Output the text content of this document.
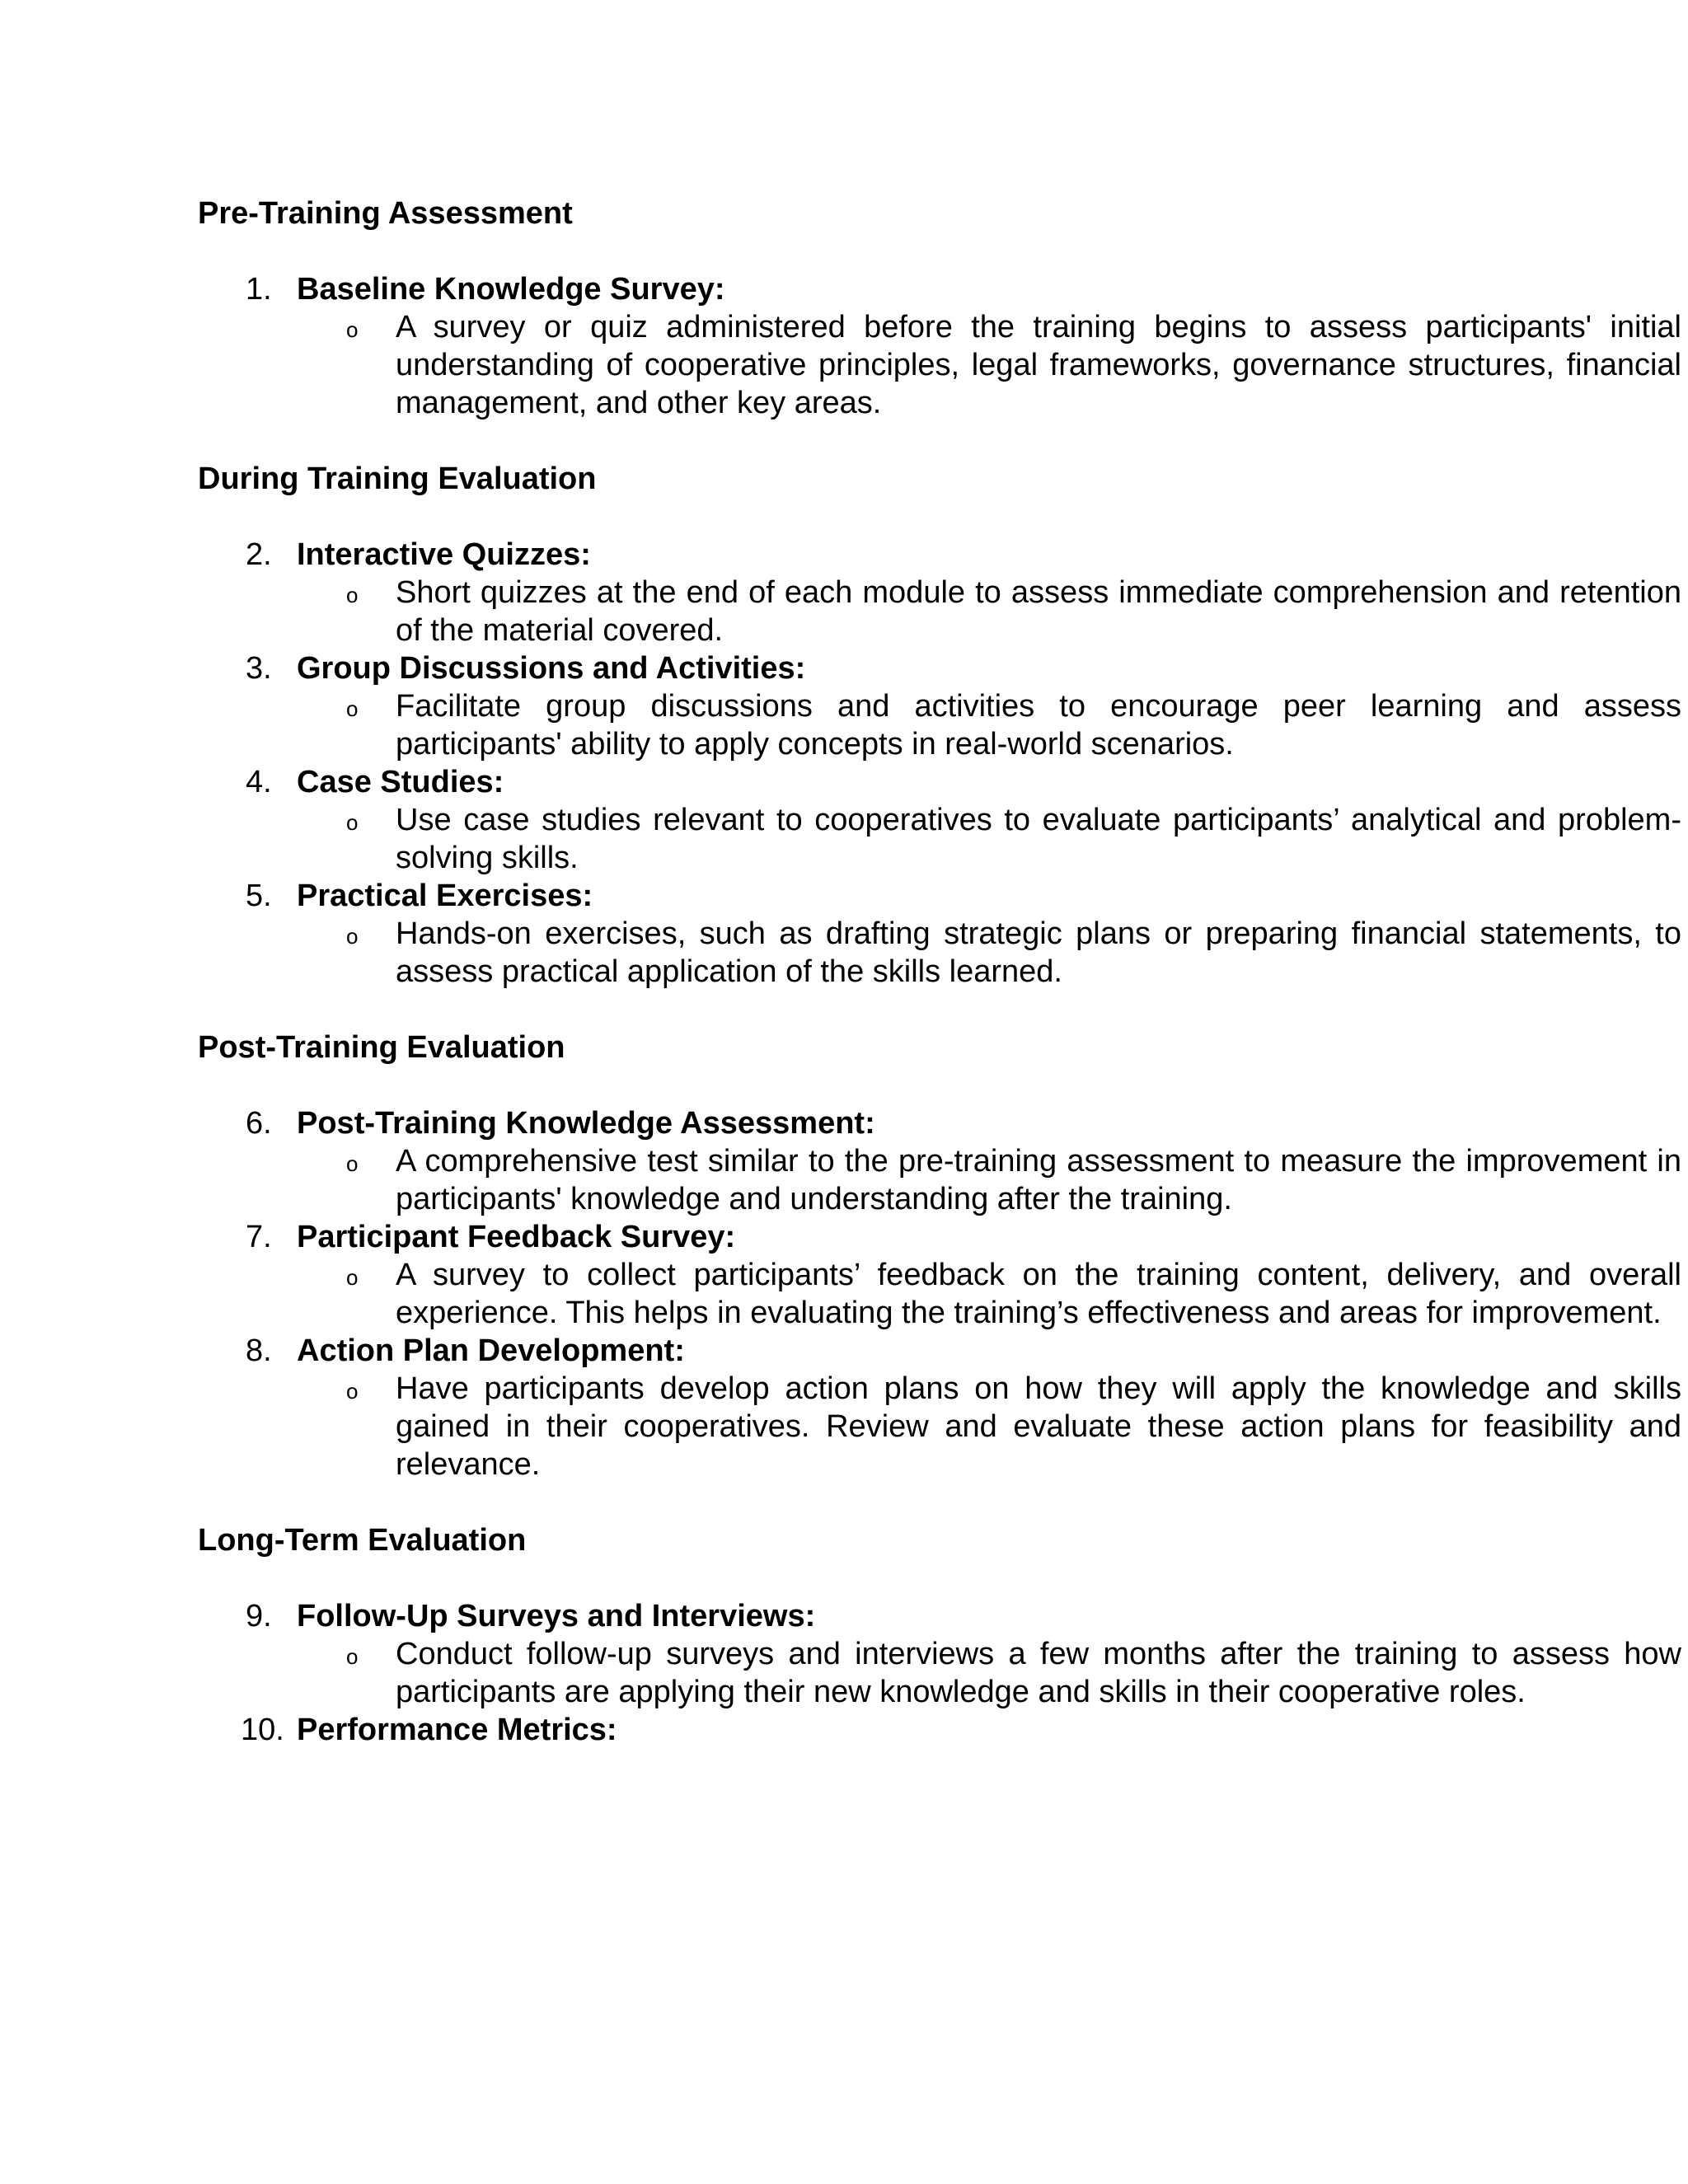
Pre-Training Assessment
1. Baseline Knowledge Survey:
o A survey or quiz administered before the training begins to assess participants' initial understanding of cooperative principles, legal frameworks, governance structures, financial management, and other key areas.
During Training Evaluation
2. Interactive Quizzes:
o Short quizzes at the end of each module to assess immediate comprehension and retention of the material covered.
3. Group Discussions and Activities:
o Facilitate group discussions and activities to encourage peer learning and assess participants' ability to apply concepts in real-world scenarios.
4. Case Studies:
o Use case studies relevant to cooperatives to evaluate participants’ analytical and problem-solving skills.
5. Practical Exercises:
o Hands-on exercises, such as drafting strategic plans or preparing financial statements, to assess practical application of the skills learned.
Post-Training Evaluation
6. Post-Training Knowledge Assessment:
o A comprehensive test similar to the pre-training assessment to measure the improvement in participants' knowledge and understanding after the training.
7. Participant Feedback Survey:
o A survey to collect participants’ feedback on the training content, delivery, and overall experience. This helps in evaluating the training’s effectiveness and areas for improvement.
8. Action Plan Development:
o Have participants develop action plans on how they will apply the knowledge and skills gained in their cooperatives. Review and evaluate these action plans for feasibility and relevance.
Long-Term Evaluation
9. Follow-Up Surveys and Interviews:
o Conduct follow-up surveys and interviews a few months after the training to assess how participants are applying their new knowledge and skills in their cooperative roles.
10. Performance Metrics:
